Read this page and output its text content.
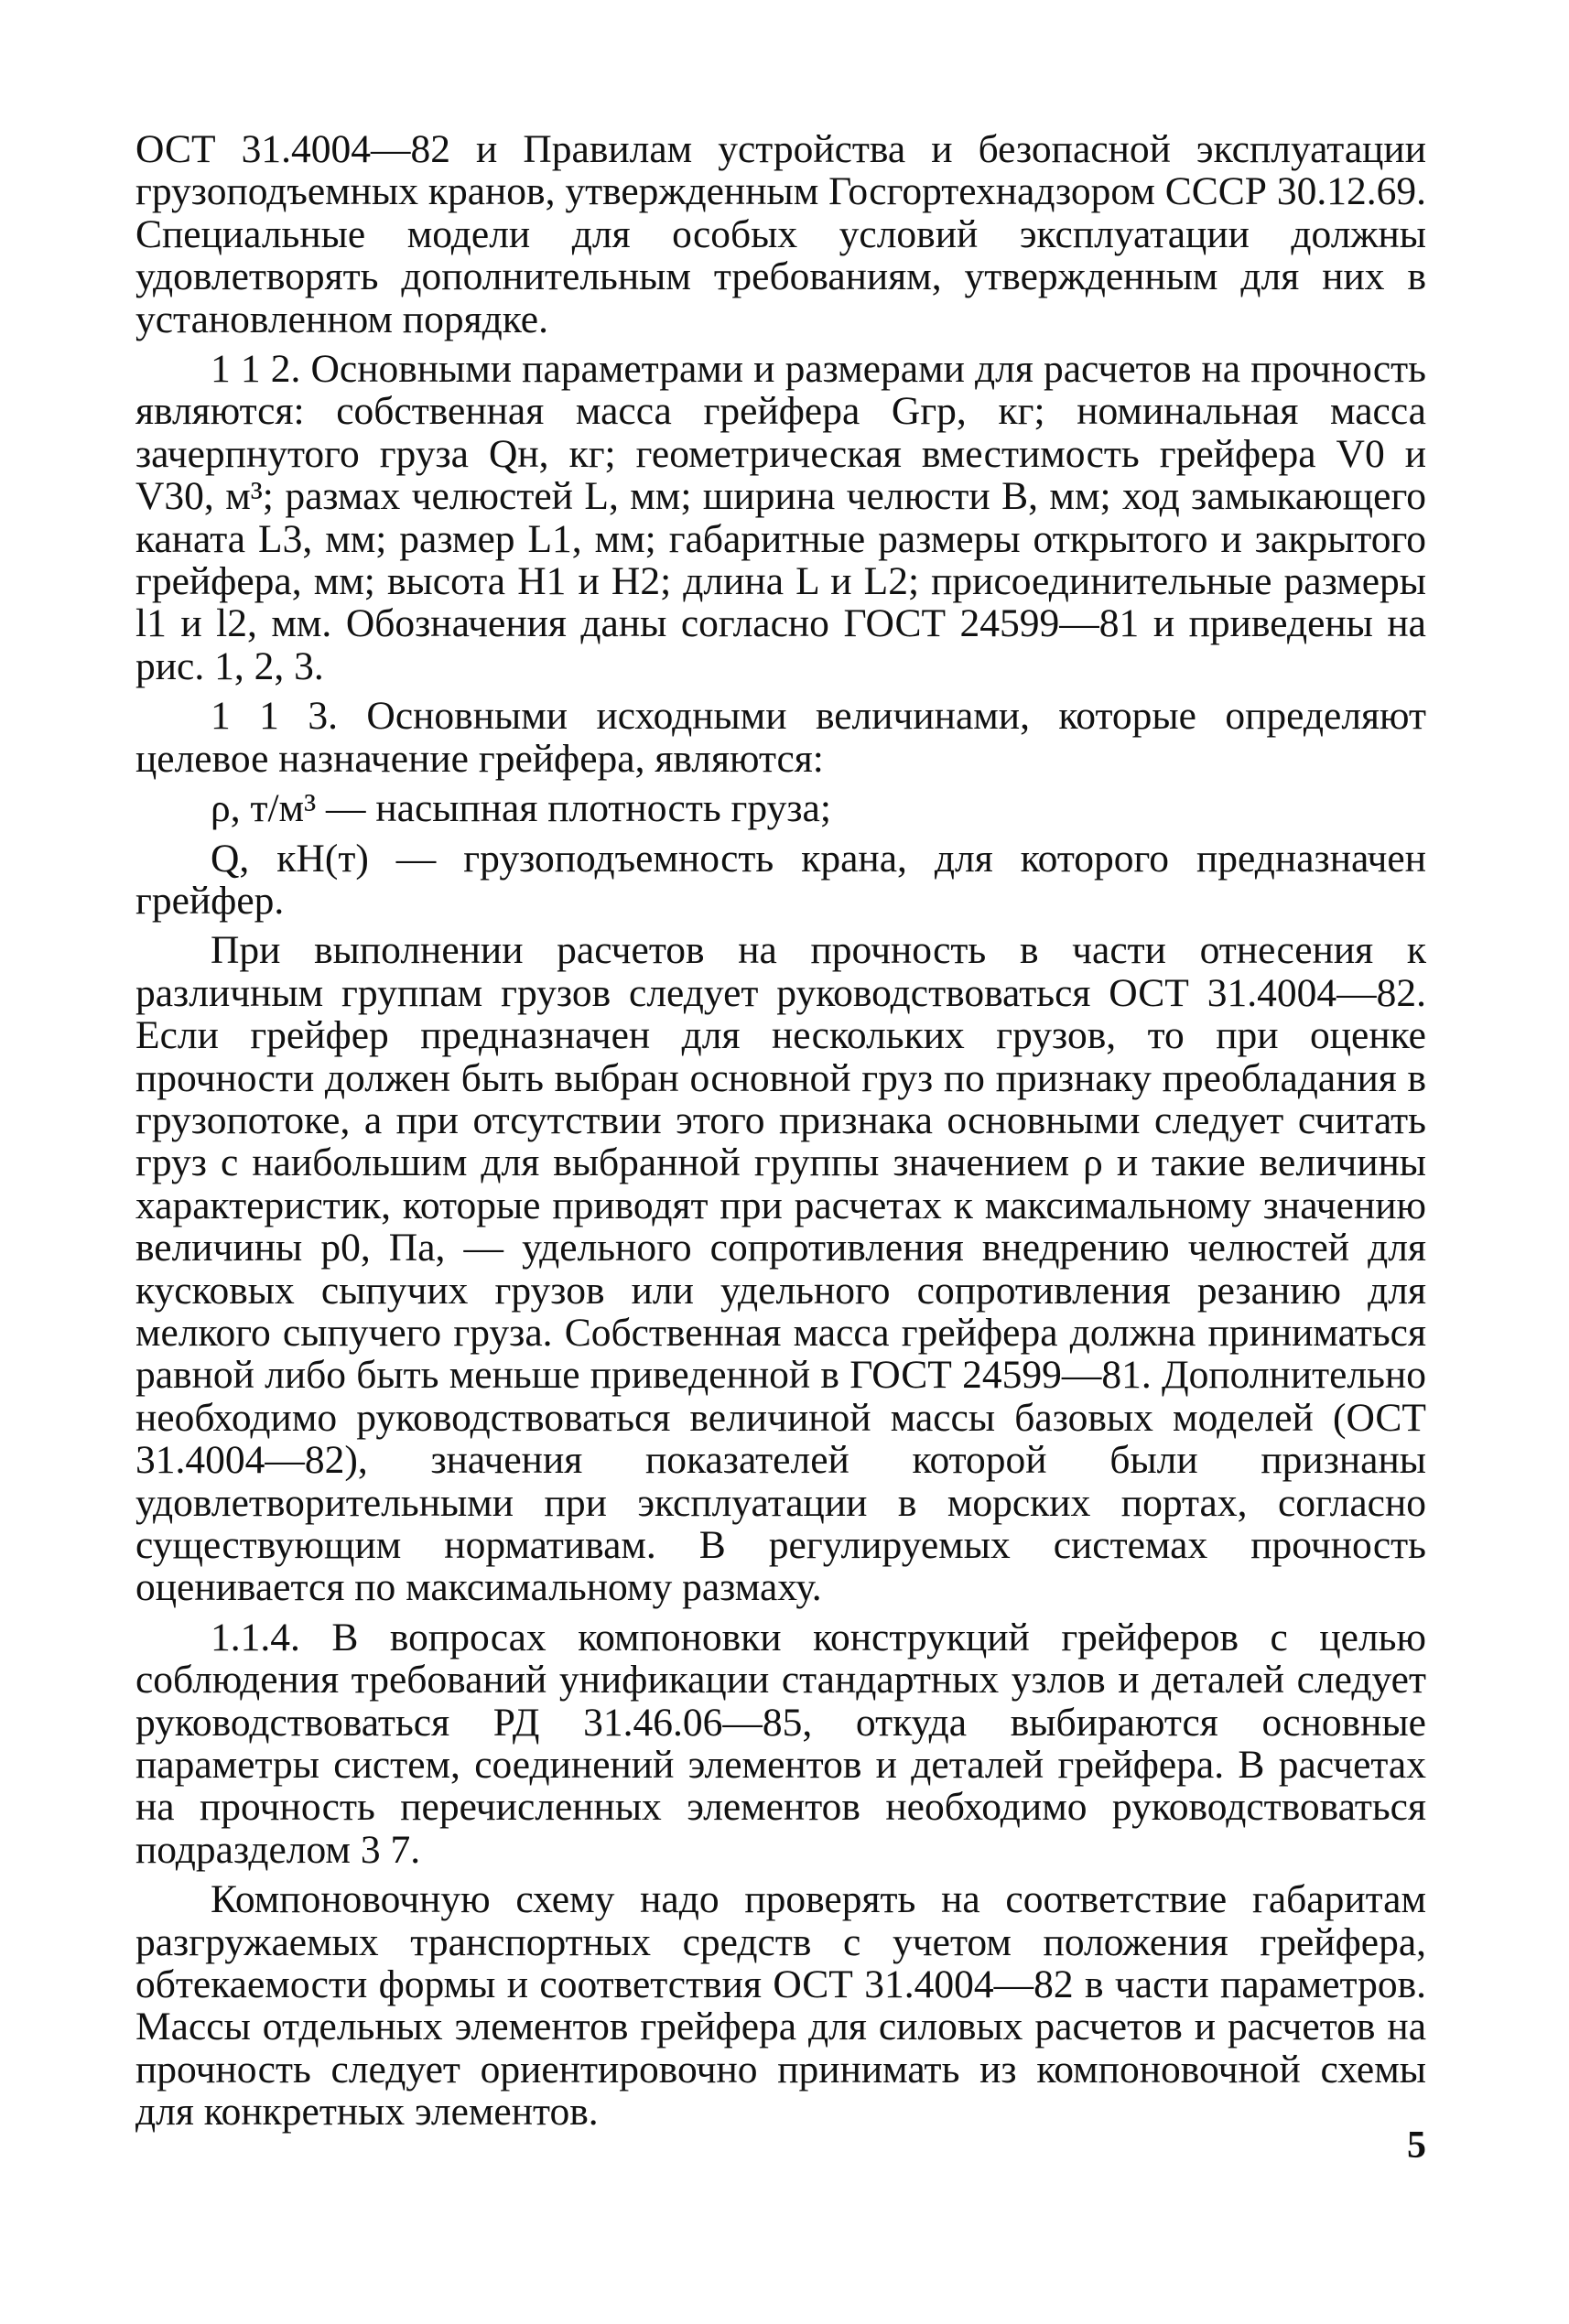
ОСТ 31.4004—82 и Правилам устройства и безопасной эксплуатации грузоподъемных кранов, утвержденным Госгортехнадзором СССР 30.12.69. Специальные модели для особых условий эксплуатации должны удовлетворять дополнительным требованиям, утвержденным для них в установленном порядке.

1 1 2. Основными параметрами и размерами для расчетов на прочность являются: собственная масса грейфера Gгр, кг; номинальная масса зачерпнутого груза Qн, кг; геометрическая вместимость грейфера V0 и V30, м³; размах челюстей L, мм; ширина челюсти B, мм; ход замыкающего каната L3, мм; размер L1, мм; габаритные размеры открытого и закрытого грейфера, мм; высота H1 и H2; длина L и L2; присоединительные размеры l1 и l2, мм. Обозначения даны согласно ГОСТ 24599—81 и приведены на рис. 1, 2, 3.

1 1 3. Основными исходными величинами, которые определяют целевое назначение грейфера, являются:

ρ, т/м³ — насыпная плотность груза;

Q, кН(т) — грузоподъемность крана, для которого предназначен грейфер.

При выполнении расчетов на прочность в части отнесения к различным группам грузов следует руководствоваться ОСТ 31.4004—82. Если грейфер предназначен для нескольких грузов, то при оценке прочности должен быть выбран основной груз по признаку преобладания в грузопотоке, а при отсутствии этого признака основными следует считать груз с наибольшим для выбранной группы значением ρ и такие величины характеристик, которые приводят при расчетах к максимальному значению величины p0, Па, — удельного сопротивления внедрению челюстей для кусковых сыпучих грузов или удельного сопротивления резанию для мелкого сыпучего груза. Собственная масса грейфера должна приниматься равной либо быть меньше приведенной в ГОСТ 24599—81. Дополнительно необходимо руководствоваться величиной массы базовых моделей (ОСТ 31.4004—82), значения показателей которой были признаны удовлетворительными при эксплуатации в морских портах, согласно существующим нормативам. В регулируемых системах прочность оценивается по максимальному размаху.

1.1.4. В вопросах компоновки конструкций грейферов с целью соблюдения требований унификации стандартных узлов и деталей следует руководствоваться РД 31.46.06—85, откуда выбираются основные параметры систем, соединений элементов и деталей грейфера. В расчетах на прочность перечисленных элементов необходимо руководствоваться подразделом 3 7.

Компоновочную схему надо проверять на соответствие габаритам разгружаемых транспортных средств с учетом положения грейфера, обтекаемости формы и соответствия ОСТ 31.4004—82 в части параметров. Массы отдельных элементов грейфера для силовых расчетов и расчетов на прочность следует ориентировочно принимать из компоновочной схемы для конкретных элементов.

5
